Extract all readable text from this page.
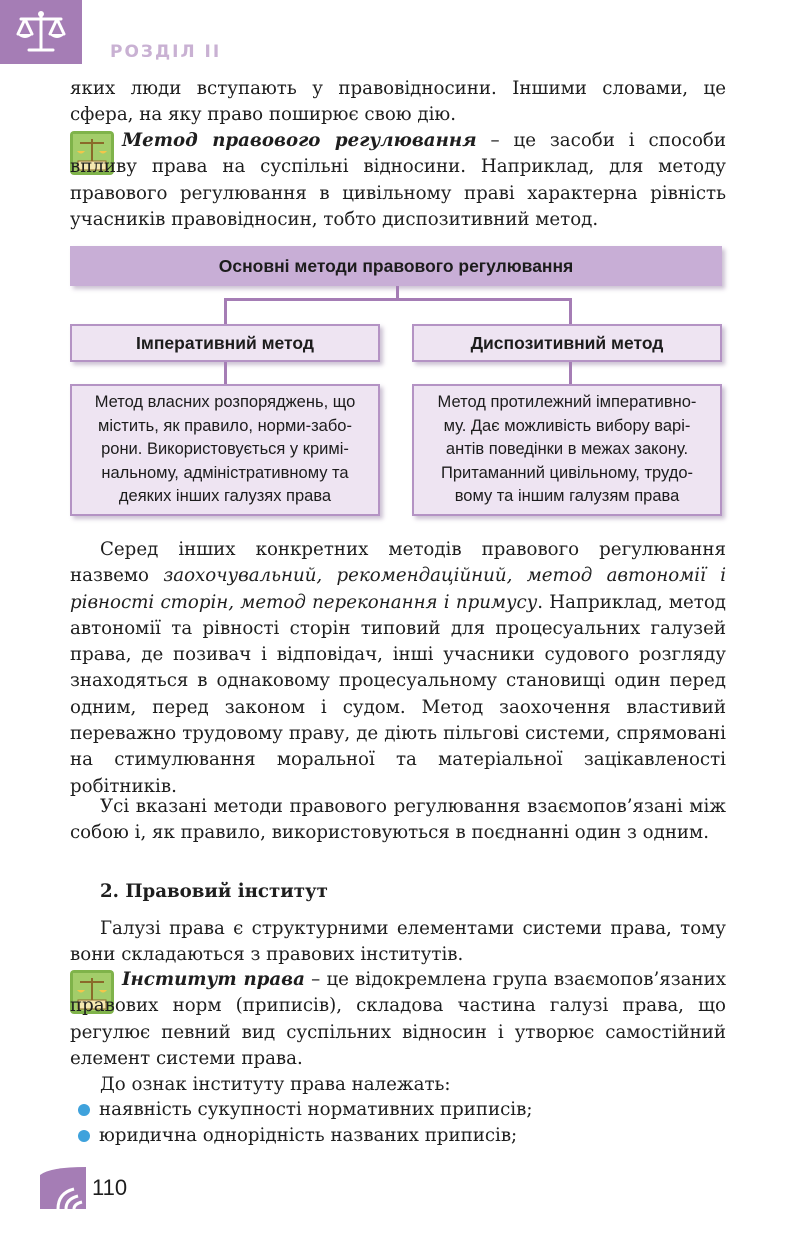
РОЗДІЛ II

яких люди вступають у правовідносини. Іншими словами, це сфера, на яку право поширює свою дію.

Метод правового регулювання – це засоби і способи впливу права на суспільні відносини. Наприклад, для методу правового регулювання в цивільному праві характерна рівність учасників правовідносин, тобто диспозитивний метод.

Основні методи правового регулювання
Імперативний метод	Диспозитивний метод
Метод власних розпоряджень, що
містить, як правило, норми-забо-
рони. Використовується у кримі-
нальному, адміністративному та
деяких інших галузях права
Метод протилежний імперативно-
му. Дає можливість вибору варі-
антів поведінки в межах закону.
Притаманний цивільному, трудо-
вому та іншим галузям права

Серед інших конкретних методів правового регулювання назвемо заохочувальний, рекомендаційний, метод автономії і рівності сторін, метод переконання і примусу. Наприклад, метод автономії та рівності сторін типовий для процесуальних галузей права, де позивач і відповідач, інші учасники судового розгляду знаходяться в однаковому процесуальному становищі один перед одним, перед законом і судом. Метод заохочення властивий переважно трудовому праву, де діють пільгові системи, спрямовані на стимулювання моральної та матеріальної зацікавленості робітників.

Усі вказані методи правового регулювання взаємопов’язані між собою і, як правило, використовуються в поєднанні один з одним.

2. Правовий інститут

Галузі права є структурними елементами системи права, тому вони складаються з правових інститутів.

Інститут права – це відокремлена група взаємопов’язаних правових норм (приписів), складова частина галузі права, що регулює певний вид суспільних відносин і утворює самостійний елемент системи права.

До ознак інституту права належать:

наявність сукупності нормативних приписів;
юридична однорідність названих приписів;
110
